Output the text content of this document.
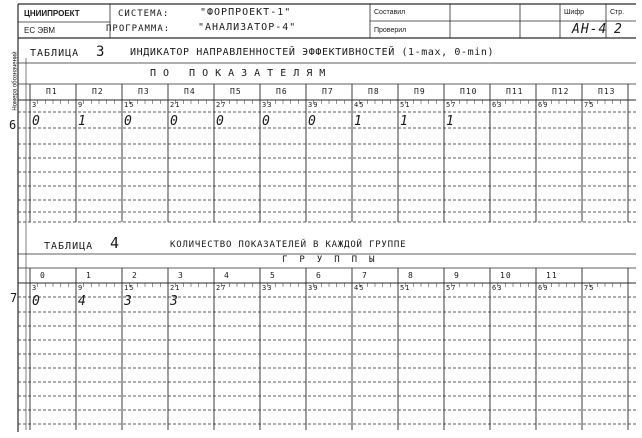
ЦНИИПРОЕКТ
ЕС ЭВМ
СИСТЕМА:	"ФОРПРОЕКТ-1"
ПРОГРАММА:	"АНАЛИЗАТОР-4"
Составил
Проверил
Шифр
АН-4
Стр.
2
Номера обозначений ТАБЛИЦА 3 ИНДИКАТОР НАПРАВЛЕННОСТЕЙ ЭФФЕКТИВНОСТЕЙ (1-max, 0-min)
ПО ПОКАЗАТЕЛЯМ
П1	П2	П3	П4	П5	П6	П7	П8	П9	П10	П11	П12	П13
3	9	15	21	27	33	39	45	51	57	63	69	75
6 0	1	0	0	0	0	0	1	1	1
ТАБЛИЦА 4	КОЛИЧЕСТВО ПОКАЗАТЕЛЕЙ В КАЖДОЙ ГРУППЕ
ГРУППЫ
0	1	2	3	4	5	6	7	8	9	10	11
3	9	15	21	27	33	39	45	51	57	63	69	75
7 0	4	3	3
